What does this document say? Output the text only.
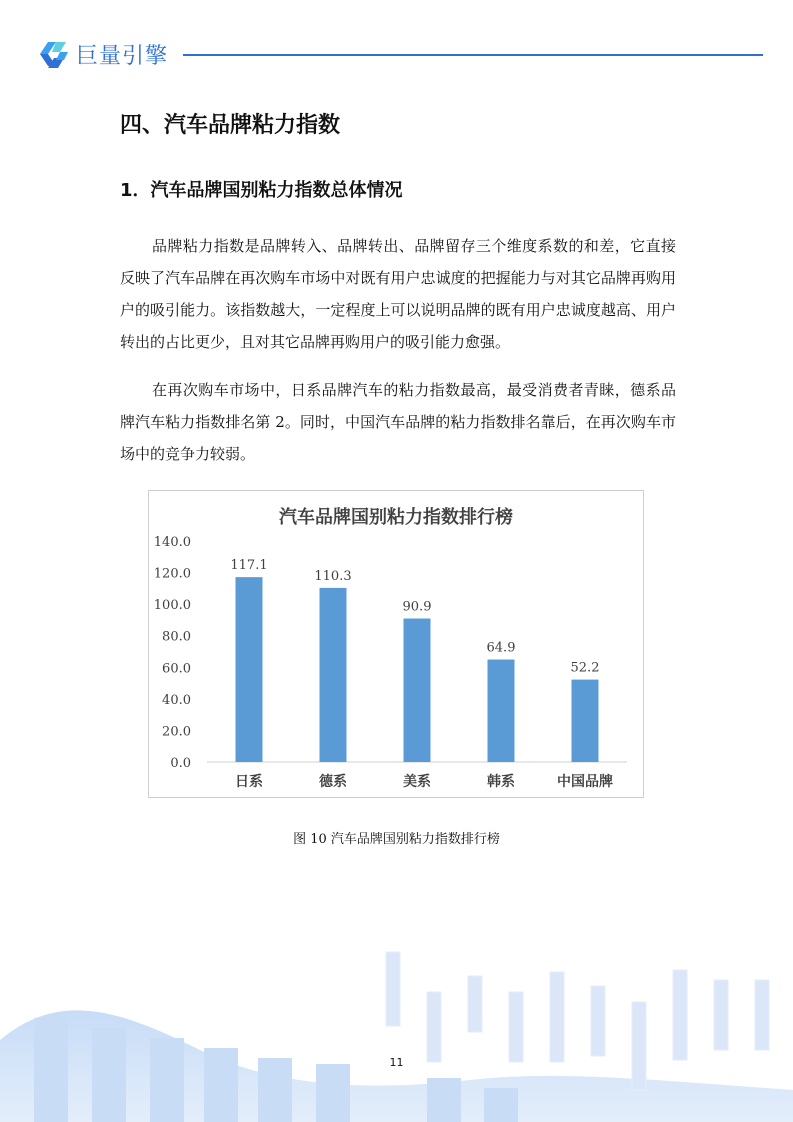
巨量引擎
四、汽车品牌粘力指数
1．汽车品牌国别粘力指数总体情况
品牌粘力指数是品牌转入、品牌转出、品牌留存三个维度系数的和差，它直接反映了汽车品牌在再次购车市场中对既有用户忠诚度的把握能力与对其它品牌再购用户的吸引能力。该指数越大，一定程度上可以说明品牌的既有用户忠诚度越高、用户转出的占比更少，且对其它品牌再购用户的吸引能力愈强。
在再次购车市场中，日系品牌汽车的粘力指数最高，最受消费者青睐，德系品牌汽车粘力指数排名第 2。同时，中国汽车品牌的粘力指数排名靠后，在再次购车市场中的竞争力较弱。
汽车品牌国别粘力指数排行榜
0.0
20.0
40.0
60.0
80.0
100.0
120.0
140.0
117.1
日系
110.3
德系
90.9
美系
64.9
韩系
52.2
中国品牌
图 10 汽车品牌国别粘力指数排行榜
11
